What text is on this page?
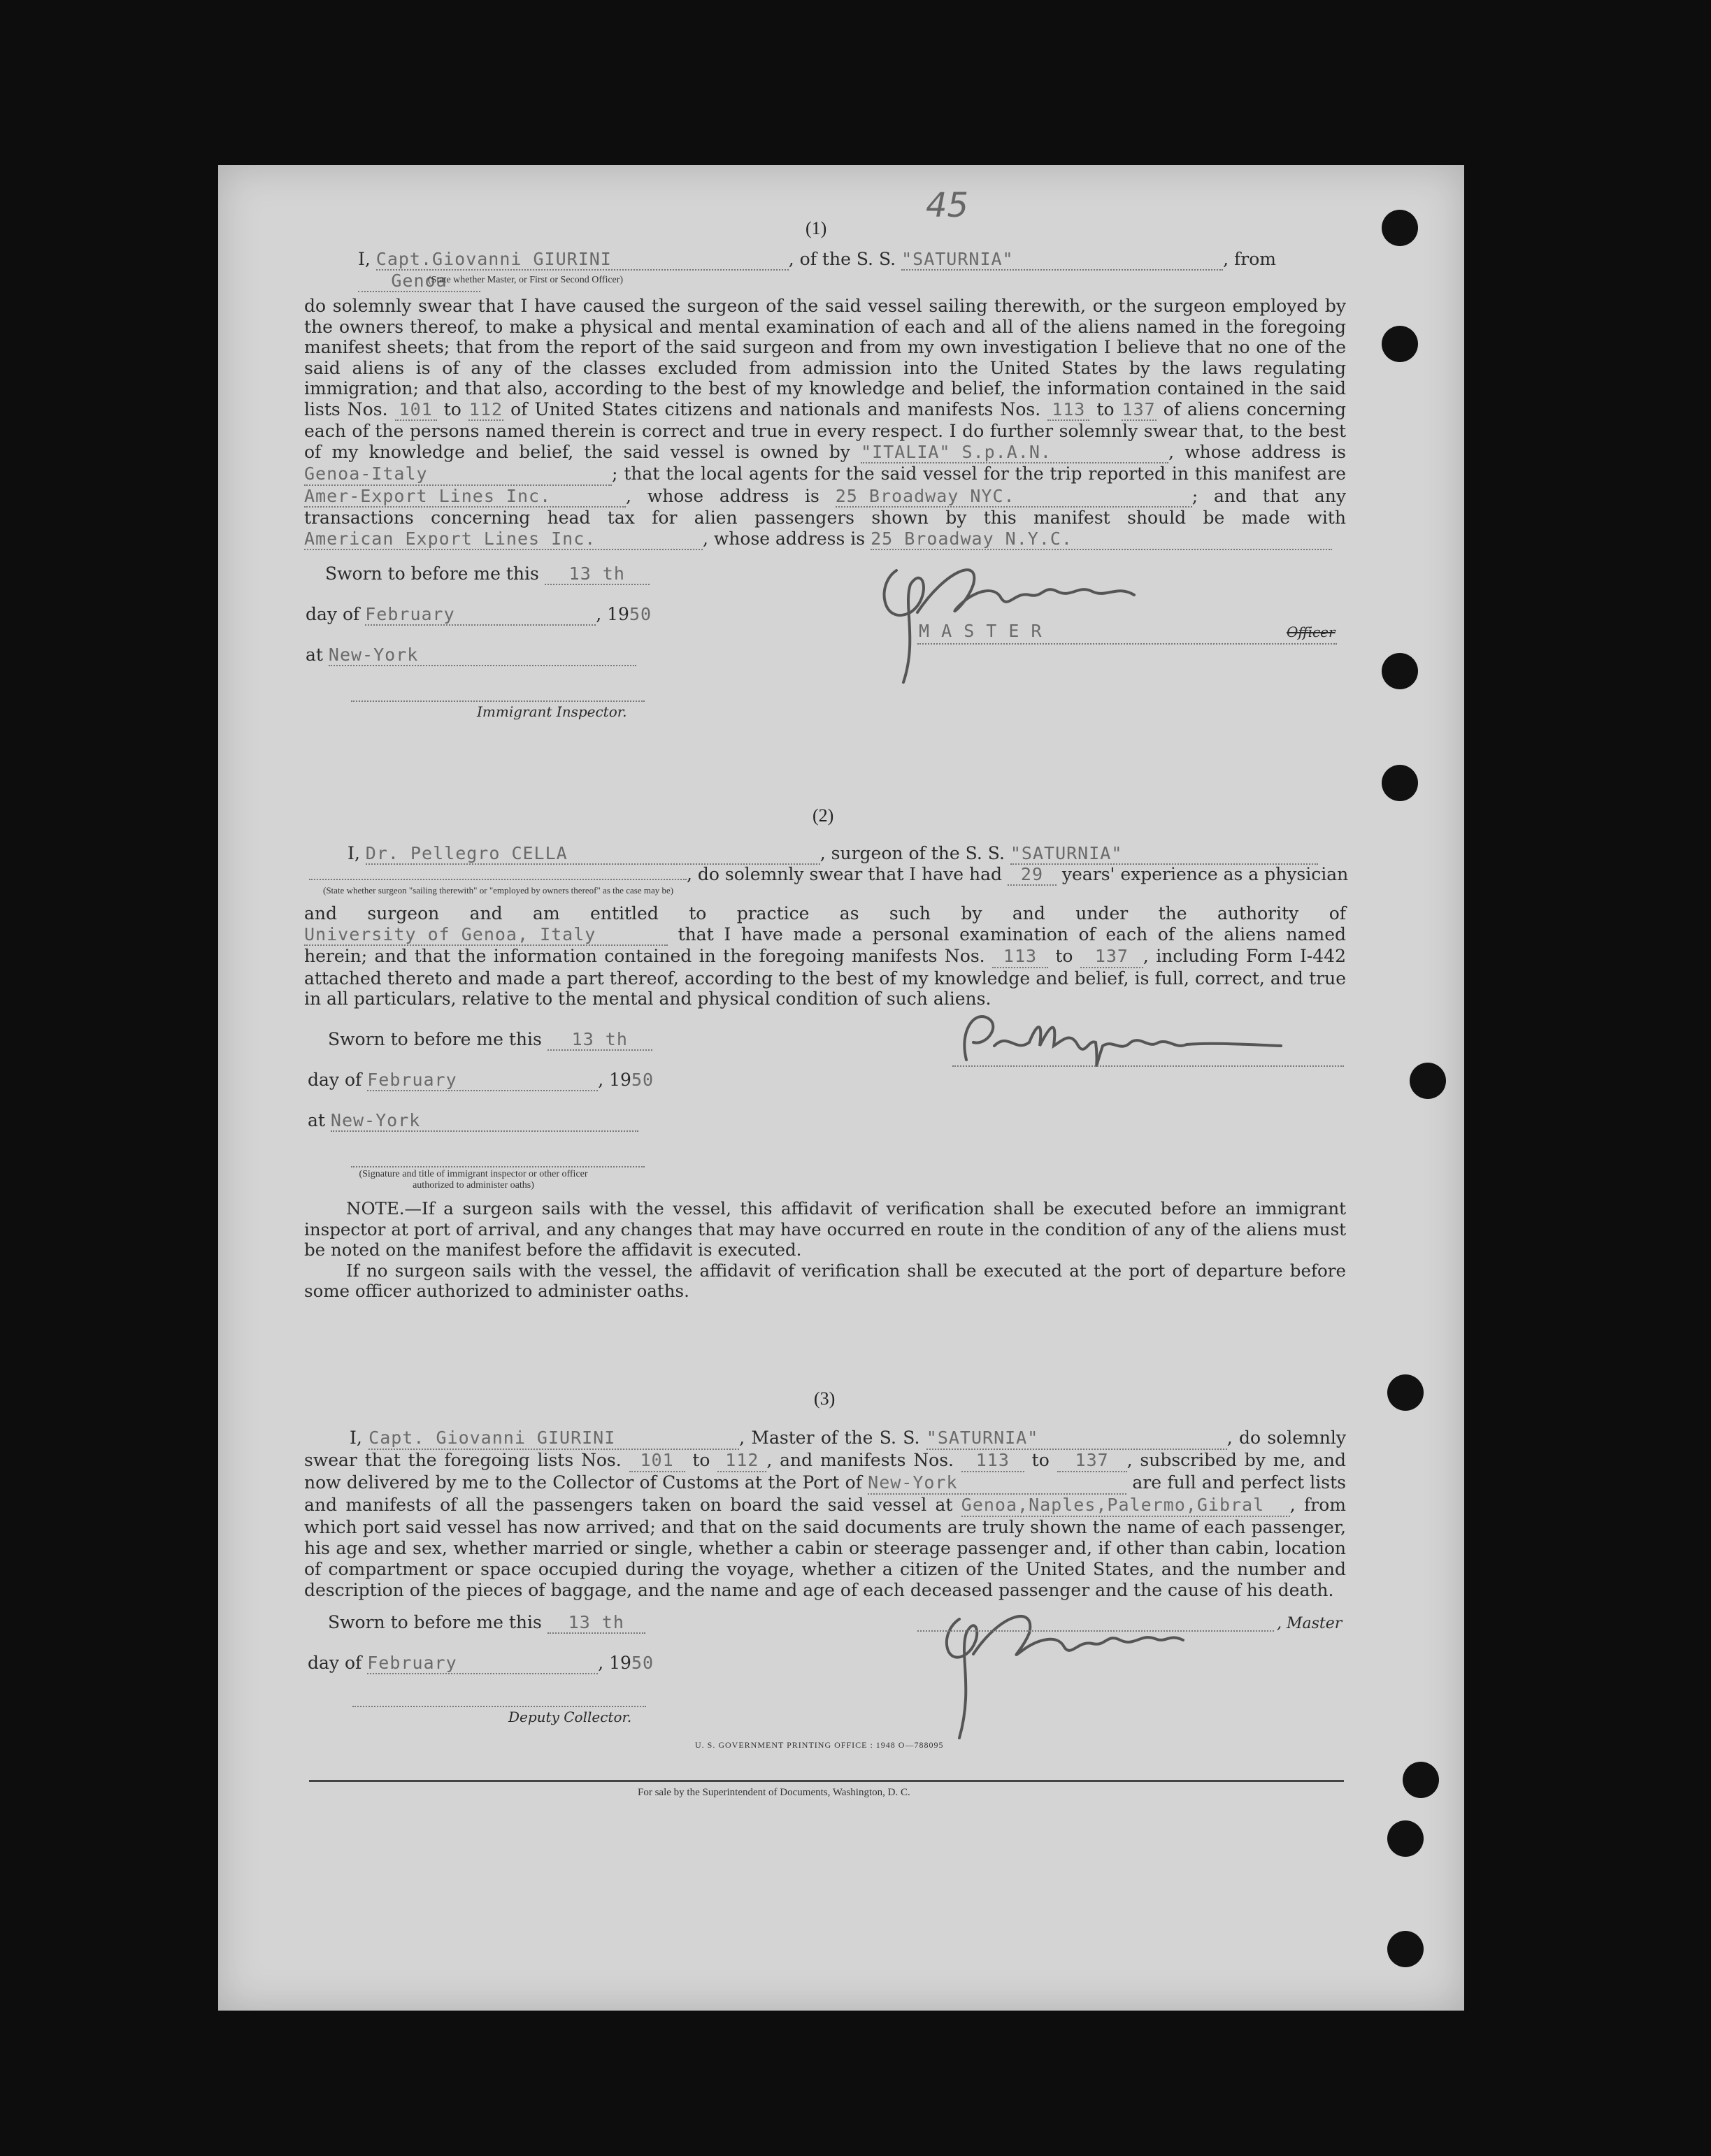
45
(1)
I, Capt.Giovanni GIURINI	, of the S. S. "SATURNIA"	, from Genoa
(State whether Master, or First or Second Officer)
do solemnly swear that I have caused the surgeon of the said vessel sailing therewith, or the surgeon employed by the owners thereof, to make a physical and mental examination of each and all of the aliens named in the foregoing manifest sheets; that from the report of the said surgeon and from my own investigation I believe that no one of the said aliens is of any of the classes excluded from admission into the United States by the laws regulating immigration; and that also, according to the best of my knowledge and belief, the information contained in the said lists Nos. 101 to 112 of United States citizens and nationals and manifests Nos. 113 to 137 of aliens concerning each of the persons named therein is correct and true in every respect. I do further solemnly swear that, to the best of my knowledge and belief, the said vessel is owned by "ITALIA" S.p.A.N.	, whose address is Genoa-Italy	; that the local agents for the said vessel for the trip reported in this manifest are Amer-Export Lines Inc.	, whose address is 25 Broadway NYC.	; and that any transactions concerning head tax for alien passengers shown by this manifest should be made with American Export Lines Inc.	, whose address is 25 Broadway N.Y.C.
Sworn to before me this 13 th
day of February	, 1950
at New-York
Immigrant Inspector.
M A S T E R	Officer
(2)
I, Dr. Pellegro CELLA	, surgeon of the S. S. "SATURNIA"
, do solemnly swear that I have had 29 years' experience as a physician
(State whether surgeon "sailing therewith" or "employed by owners thereof" as the case may be)
and surgeon and am entitled to practice as such by and under the authority of University of Genoa, Italy	that I have made a personal examination of each of the aliens named herein; and that the information contained in the foregoing manifests Nos. 113 to 137 , including Form I-442 attached thereto and made a part thereof, according to the best of my knowledge and belief, is full, correct, and true in all particulars, relative to the mental and physical condition of such aliens.
Sworn to before me this 13 th
day of February	, 1950
at New-York
(Signature and title of immigrant inspector or other officer authorized to administer oaths)
NOTE.—If a surgeon sails with the vessel, this affidavit of verification shall be executed before an immigrant inspector at port of arrival, and any changes that may have occurred en route in the condition of any of the aliens must be noted on the manifest before the affidavit is executed.
If no surgeon sails with the vessel, the affidavit of verification shall be executed at the port of departure before some officer authorized to administer oaths.
(3)
I, Capt. Giovanni GIURINI	, Master of the S. S. "SATURNIA"	, do solemnly swear that the foregoing lists Nos. 101 to 112 , and manifests Nos. 113 to 137 , subscribed by me, and now delivered by me to the Collector of Customs at the Port of New-York	are full and perfect lists and manifests of all the passengers taken on board the said vessel at Genoa,Naples,Palermo,Gibral , from which port said vessel has now arrived; and that on the said documents are truly shown the name of each passenger, his age and sex, whether married or single, whether a cabin or steerage passenger and, if other than cabin, location of compartment or space occupied during the voyage, whether a citizen of the United States, and the number and description of the pieces of baggage, and the name and age of each deceased passenger and the cause of his death.
Sworn to before me this 13 th
day of February	, 1950
Deputy Collector.
, Master
U. S. GOVERNMENT PRINTING OFFICE : 1948 O—788095
For sale by the Superintendent of Documents, Washington, D. C.
